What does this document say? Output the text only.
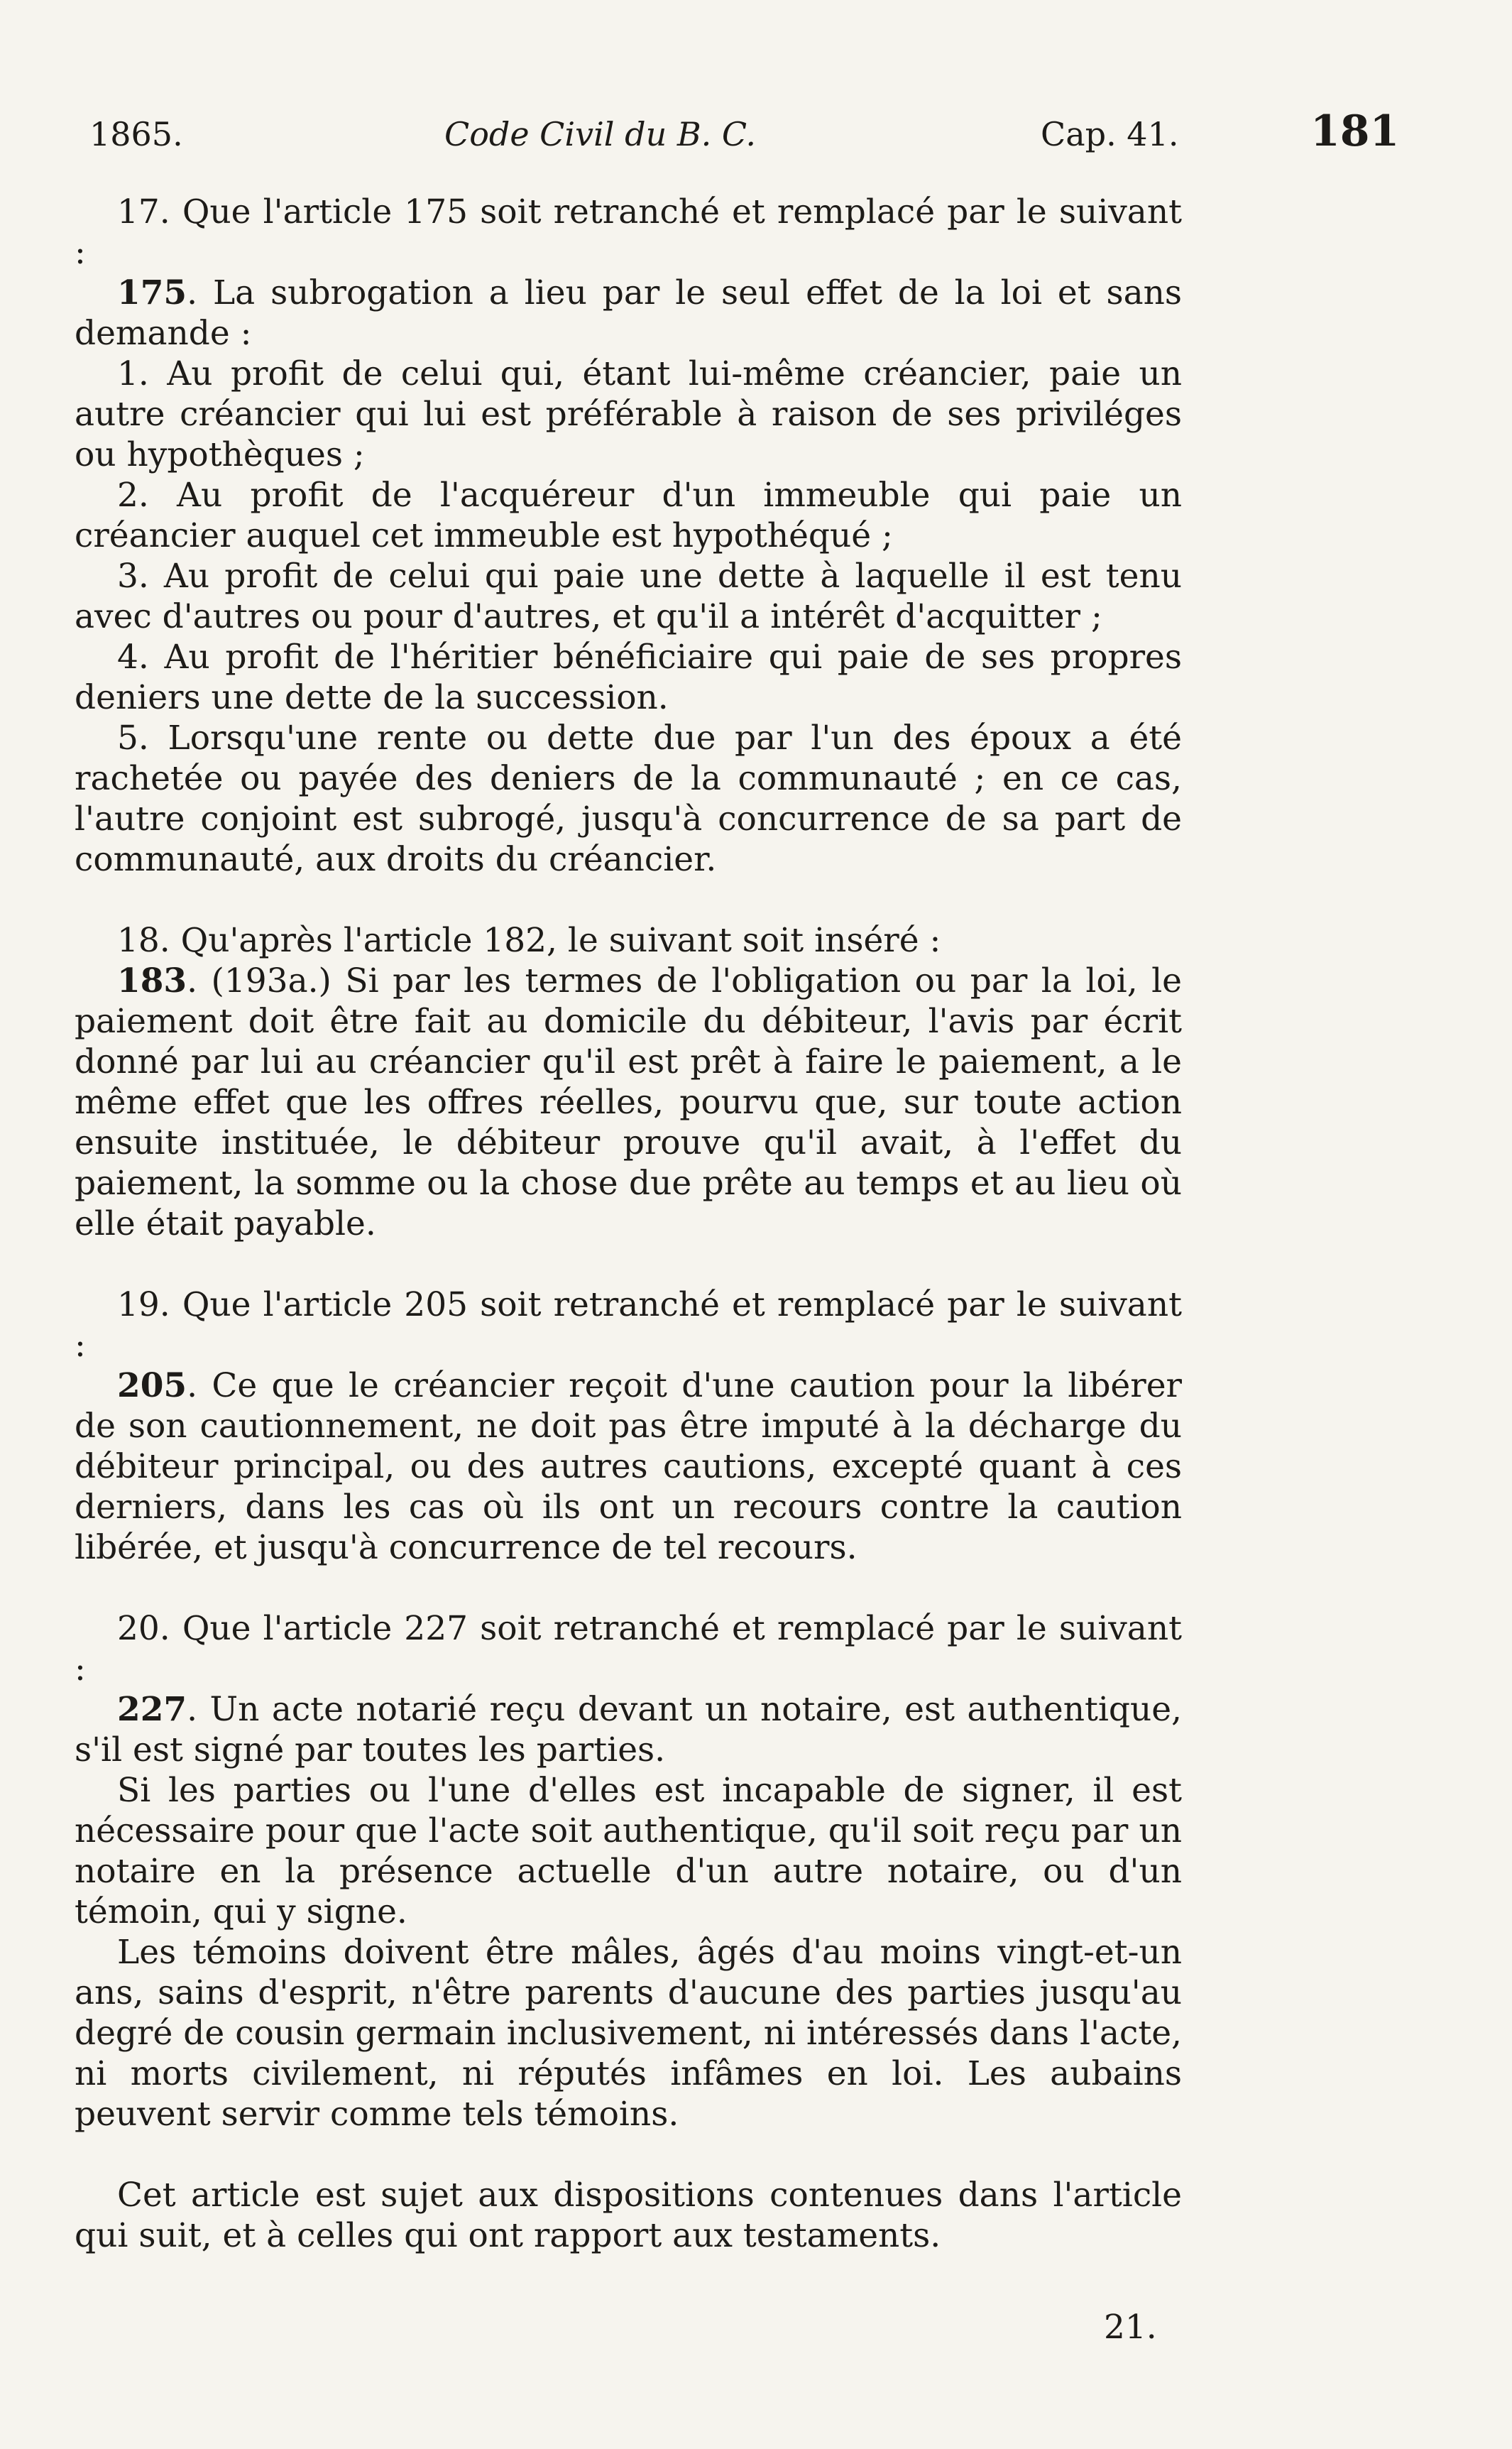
1865.	Code Civil du B. C.	Cap. 41.	181

17. Que l'article 175 soit retranché et remplacé par le suivant :

175. La subrogation a lieu par le seul effet de la loi et sans demande :

1. Au profit de celui qui, étant lui-même créancier, paie un autre créancier qui lui est préférable à raison de ses priviléges ou hypothèques ;

2. Au profit de l'acquéreur d'un immeuble qui paie un créancier auquel cet immeuble est hypothéqué ;

3. Au profit de celui qui paie une dette à laquelle il est tenu avec d'autres ou pour d'autres, et qu'il a intérêt d'acquitter ;

4. Au profit de l'héritier bénéficiaire qui paie de ses propres deniers une dette de la succession.

5. Lorsqu'une rente ou dette due par l'un des époux a été rachetée ou payée des deniers de la communauté ; en ce cas, l'autre conjoint est subrogé, jusqu'à concurrence de sa part de communauté, aux droits du créancier.

18. Qu'après l'article 182, le suivant soit inséré :

183. (193a.) Si par les termes de l'obligation ou par la loi, le paiement doit être fait au domicile du débiteur, l'avis par écrit donné par lui au créancier qu'il est prêt à faire le paiement, a le même effet que les offres réelles, pourvu que, sur toute action ensuite instituée, le débiteur prouve qu'il avait, à l'effet du paiement, la somme ou la chose due prête au temps et au lieu où elle était payable.

19. Que l'article 205 soit retranché et remplacé par le suivant :

205. Ce que le créancier reçoit d'une caution pour la libérer de son cautionnement, ne doit pas être imputé à la décharge du débiteur principal, ou des autres cautions, excepté quant à ces derniers, dans les cas où ils ont un recours contre la caution libérée, et jusqu'à concurrence de tel recours.

20. Que l'article 227 soit retranché et remplacé par le suivant :

227. Un acte notarié reçu devant un notaire, est authentique, s'il est signé par toutes les parties.

Si les parties ou l'une d'elles est incapable de signer, il est nécessaire pour que l'acte soit authentique, qu'il soit reçu par un notaire en la présence actuelle d'un autre notaire, ou d'un témoin, qui y signe.

Les témoins doivent être mâles, âgés d'au moins vingt-et-un ans, sains d'esprit, n'être parents d'aucune des parties jusqu'au degré de cousin germain inclusivement, ni intéressés dans l'acte, ni morts civilement, ni réputés infâmes en loi. Les aubains peuvent servir comme tels témoins.

Cet article est sujet aux dispositions contenues dans l'article qui suit, et à celles qui ont rapport aux testaments.

21.
